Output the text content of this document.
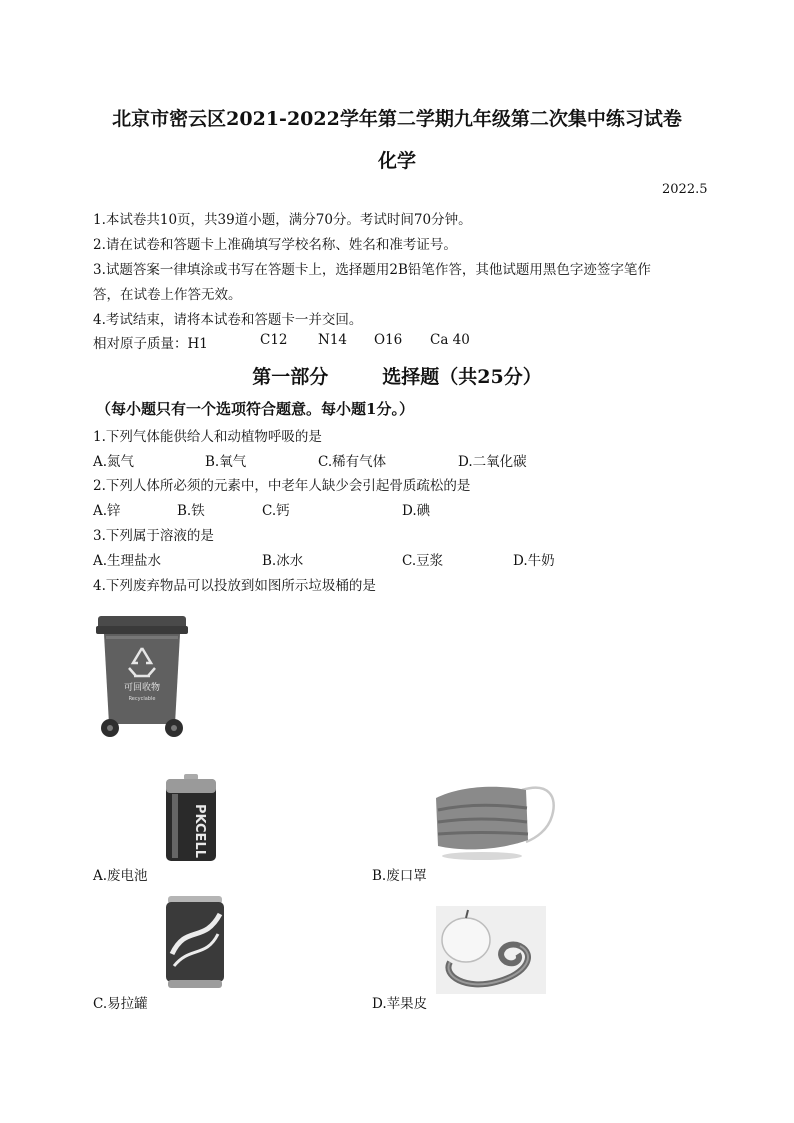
北京市密云区2021-2022学年第二学期九年级第二次集中练习试卷
化学
2022.5
1.本试卷共10页，共39道小题，满分70分。考试时间70分钟。
2.请在试卷和答题卡上准确填写学校名称、姓名和准考证号。
3.试题答案一律填涂或书写在答题卡上，选择题用2B铅笔作答，其他试题用黑色字迹签字笔作
答，在试卷上作答无效。
4.考试结束，请将本试卷和答题卡一并交回。
相对原子质量：H1	C12 N14 O16 Ca 40
第一部分	选择题（共25分）
（每小题只有一个选项符合题意。每小题1分。）
1.下列气体能供给人和动植物呼吸的是
A.氮气	B.氧气	C.稀有气体	D.二氧化碳
2.下列人体所必须的元素中，中老年人缺少会引起骨质疏松的是
A.锌	B.铁	C.钙	D.碘
3.下列属于溶液的是
A.生理盐水	B.冰水	C.豆浆	D.牛奶
4.下列废弃物品可以投放到如图所示垃圾桶的是
可回收物
Recyclable
PKCELL
A.废电池	B.废口罩
C.易拉罐	D.苹果皮
